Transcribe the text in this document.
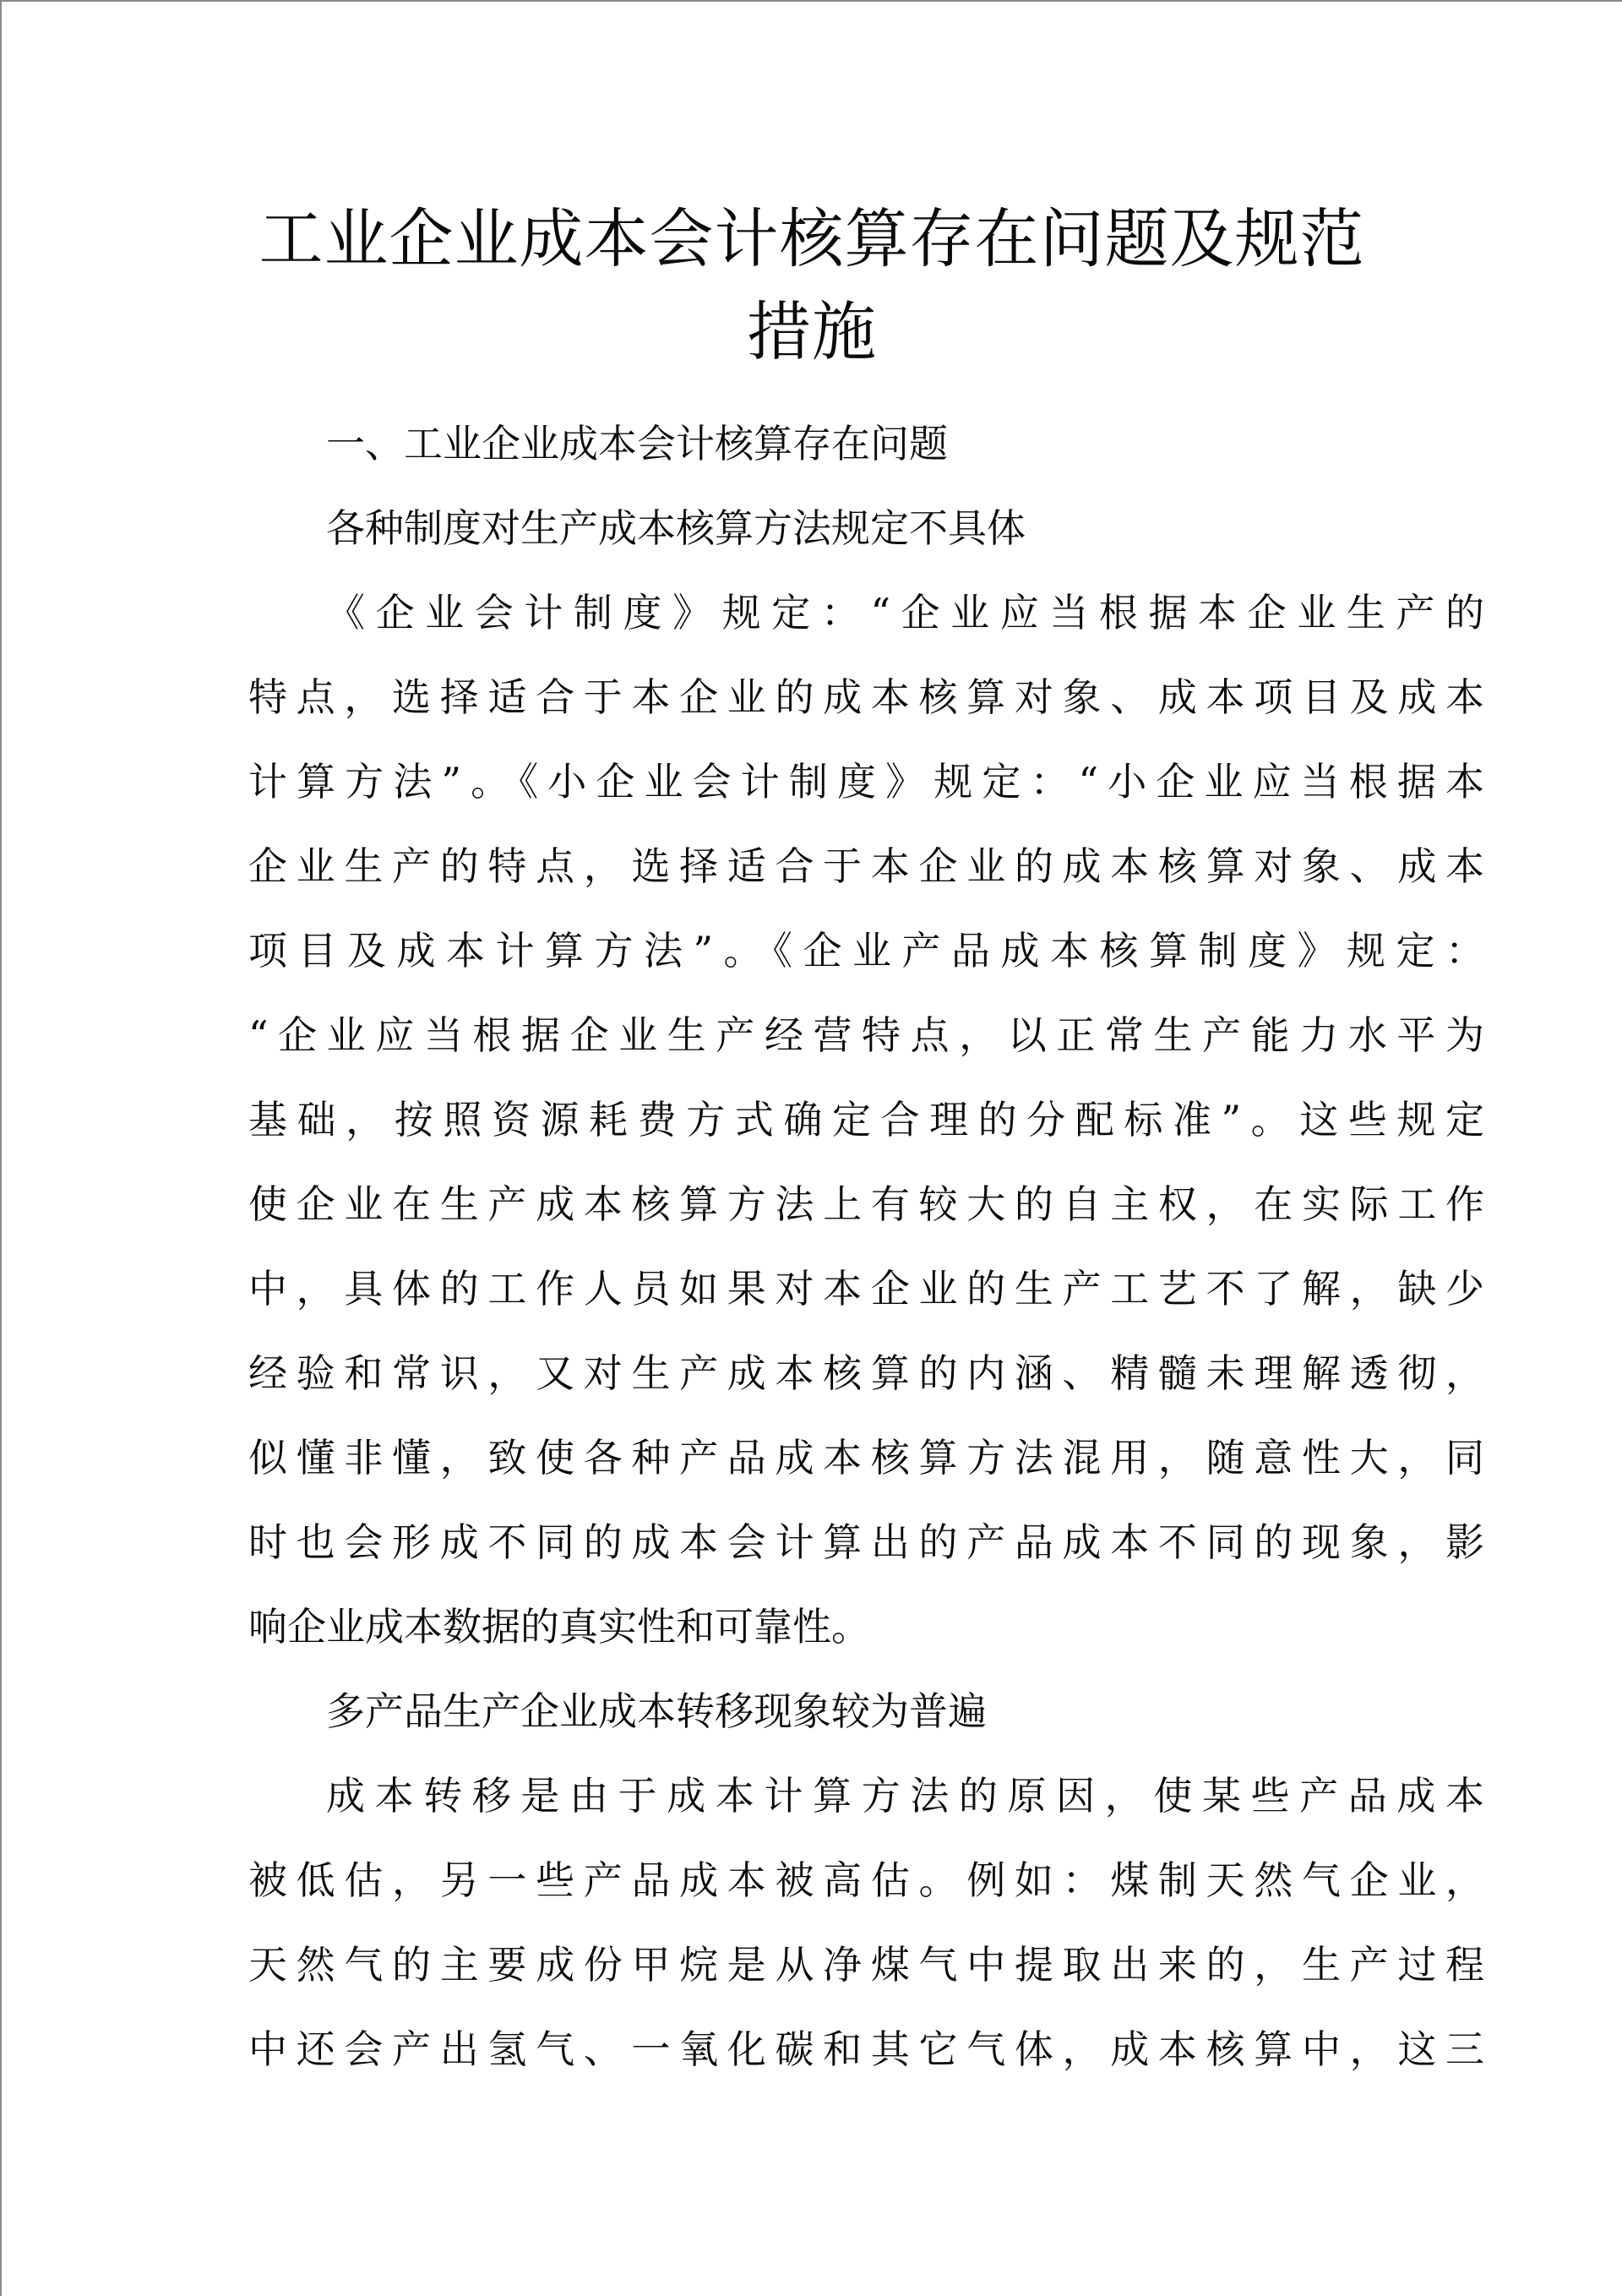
工业企业成本会计核算存在问题及规范
措施
一、工业企业成本会计核算存在问题
各种制度对生产成本核算方法规定不具体
《企业会计制度》规定：“企业应当根据本企业生产的
特点，选择适合于本企业的成本核算对象、成本项目及成本
计算方法”。《小企业会计制度》规定：“小企业应当根据本
企业生产的特点，选择适合于本企业的成本核算对象、成本
项目及成本计算方法”。《企业产品成本核算制度》规定：
“企业应当根据企业生产经营特点，以正常生产能力水平为
基础，按照资源耗费方式确定合理的分配标准”。这些规定
使企业在生产成本核算方法上有较大的自主权，在实际工作
中，具体的工作人员如果对本企业的生产工艺不了解，缺少
经验和常识，又对生产成本核算的内涵、精髓未理解透彻，
似懂非懂，致使各种产品成本核算方法混用，随意性大，同
时也会形成不同的成本会计算出的产品成本不同的现象，影
响企业成本数据的真实性和可靠性。
多产品生产企业成本转移现象较为普遍
成本转移是由于成本计算方法的原因，使某些产品成本
被低估，另一些产品成本被高估。例如：煤制天然气企业，
天然气的主要成份甲烷是从净煤气中提取出来的，生产过程
中还会产出氢气、一氧化碳和其它气体，成本核算中，这三
